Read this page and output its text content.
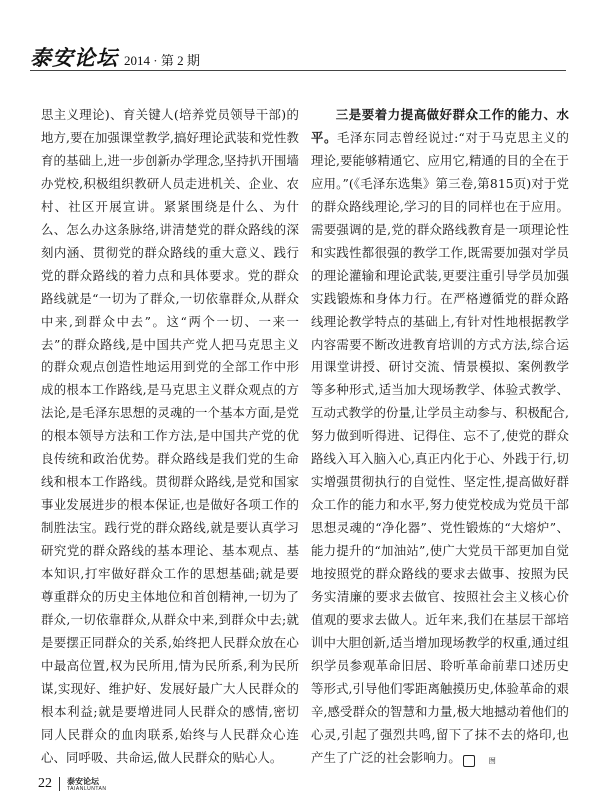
泰安论坛 2014 · 第 2 期

思主义理论)、育关键人(培养党员领导干部)的地方,要在加强课堂教学,搞好理论武装和党性教育的基础上,进一步创新办学理念,坚持扒开围墙办党校,积极组织教研人员走进机关、企业、农村、社区开展宣讲。紧紧围绕是什么、为什么、怎么办这条脉络,讲清楚党的群众路线的深刻内涵、贯彻党的群众路线的重大意义、践行党的群众路线的着力点和具体要求。党的群众路线就是“一切为了群众,一切依靠群众,从群众中来,到群众中去”。这“两个一切、一来一去”的群众路线,是中国共产党人把马克思主义的群众观点创造性地运用到党的全部工作中形成的根本工作路线,是马克思主义群众观点的方法论,是毛泽东思想的灵魂的一个基本方面,是党的根本领导方法和工作方法,是中国共产党的优良传统和政治优势。群众路线是我们党的生命线和根本工作路线。贯彻群众路线,是党和国家事业发展进步的根本保证,也是做好各项工作的制胜法宝。践行党的群众路线,就是要认真学习研究党的群众路线的基本理论、基本观点、基本知识,打牢做好群众工作的思想基础;就是要尊重群众的历史主体地位和首创精神,一切为了群众,一切依靠群众,从群众中来,到群众中去;就是要摆正同群众的关系,始终把人民群众放在心中最高位置,权为民所用,情为民所系,利为民所谋,实现好、维护好、发展好最广大人民群众的根本利益;就是要增进同人民群众的感情,密切同人民群众的血肉联系,始终与人民群众心连心、同呼吸、共命运,做人民群众的贴心人。

三是要着力提高做好群众工作的能力、水平。毛泽东同志曾经说过:“对于马克思主义的理论,要能够精通它、应用它,精通的目的全在于应用。”(《毛泽东选集》第三卷,第815页)对于党的群众路线理论,学习的目的同样也在于应用。需要强调的是,党的群众路线教育是一项理论性和实践性都很强的教学工作,既需要加强对学员的理论灌输和理论武装,更要注重引导学员加强实践锻炼和身体力行。在严格遵循党的群众路线理论教学特点的基础上,有针对性地根据教学内容需要不断改进教育培训的方式方法,综合运用课堂讲授、研讨交流、情景模拟、案例教学等多种形式,适当加大现场教学、体验式教学、互动式教学的份量,让学员主动参与、积极配合,努力做到听得进、记得住、忘不了,使党的群众路线入耳入脑入心,真正内化于心、外践于行,切实增强贯彻执行的自觉性、坚定性,提高做好群众工作的能力和水平,努力使党校成为党员干部思想灵魂的“净化器”、党性锻炼的“大熔炉”、能力提升的“加油站”,使广大党员干部更加自觉地按照党的群众路线的要求去做事、按照为民务实清廉的要求去做官、按照社会主义核心价值观的要求去做人。近年来,我们在基层干部培训中大胆创新,适当增加现场教学的权重,通过组织学员参观革命旧居、聆听革命前辈口述历史等形式,引导他们零距离触摸历史,体验革命的艰辛,感受群众的智慧和力量,极大地撼动着他们的心灵,引起了强烈共鸣,留下了抹不去的烙印,也产生了广泛的社会影响力。	囫

22 泰安论坛
TAIANLUNTAN
